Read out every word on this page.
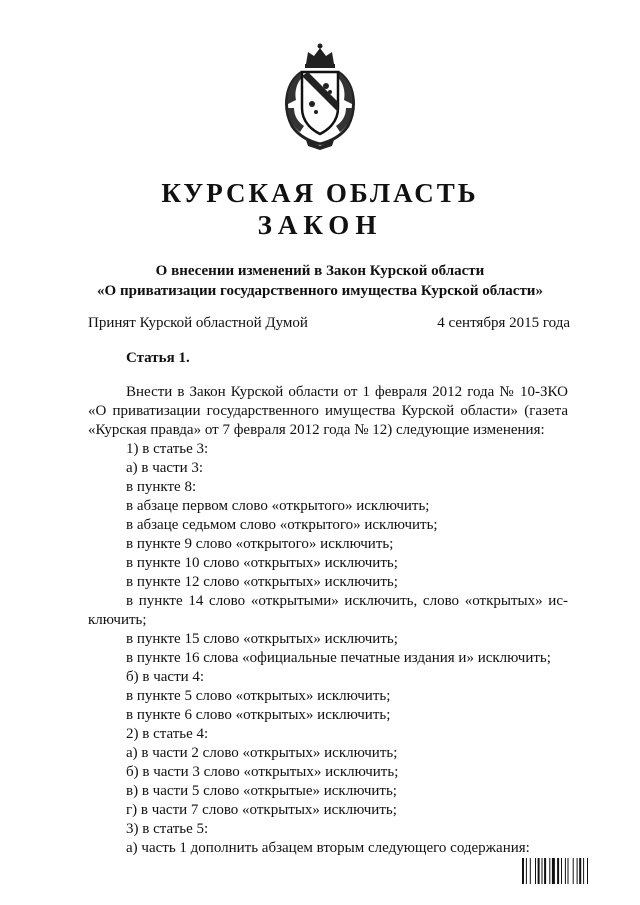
КУРСКАЯ ОБЛАСТЬ
ЗАКОН
О внесении изменений в Закон Курской области
«О приватизации государственного имущества Курской области»
Принят Курской областной Думой	4 сентября 2015 года
Статья 1.

Внести в Закон Курской области от 1 февраля 2012 года № 10-ЗКО «О приватизации государственного имущества Курской области» (газета «Курская правда» от 7 февраля 2012 года № 12) следующие изменения:

1) в статье 3:

а) в части 3:

в пункте 8:

в абзаце первом слово «открытого» исключить;

в абзаце седьмом слово «открытого» исключить;

в пункте 9 слово «открытого» исключить;

в пункте 10 слово «открытых» исключить;

в пункте 12 слово «открытых» исключить;

в пункте 14 слово «открытыми» исключить, слово «открытых» ис-

ключить;

в пункте 15 слово «открытых» исключить;

в пункте 16 слова «официальные печатные издания и» исключить;

б) в части 4:

в пункте 5 слово «открытых» исключить;

в пункте 6 слово «открытых» исключить;

2) в статье 4:

а) в части 2 слово «открытых» исключить;

б) в части 3 слово «открытых» исключить;

в) в части 5 слово «открытые» исключить;

г) в части 7 слово «открытых» исключить;

3) в статье 5:

а) часть 1 дополнить абзацем вторым следующего содержания:
